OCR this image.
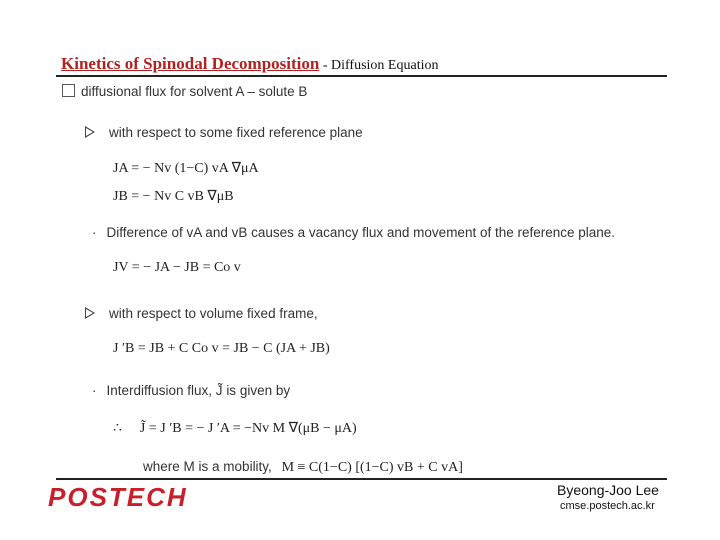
Kinetics of Spinodal Decomposition - Diffusion Equation
diffusional flux for solvent A – solute B
with respect to some fixed reference plane
JA = − Nv (1−C) vA ∇μA
JB = − Nv C vB ∇μB
· Difference of vA and vB causes a vacancy flux and movement of the reference plane.
JV = − JA − JB = Co v
with respect to volume fixed frame,
J ′B = JB + C Co v = JB − C (JA + JB)
· Interdiffusion flux, J̃ is given by
∴ J̃ = J ′B = − J ′A = −Nv M ∇(μB − μA)
where M is a mobility, M ≡ C(1−C) [(1−C) vB + C vA]
POSTECH	Byeong-Joo Lee
cmse.postech.ac.kr
